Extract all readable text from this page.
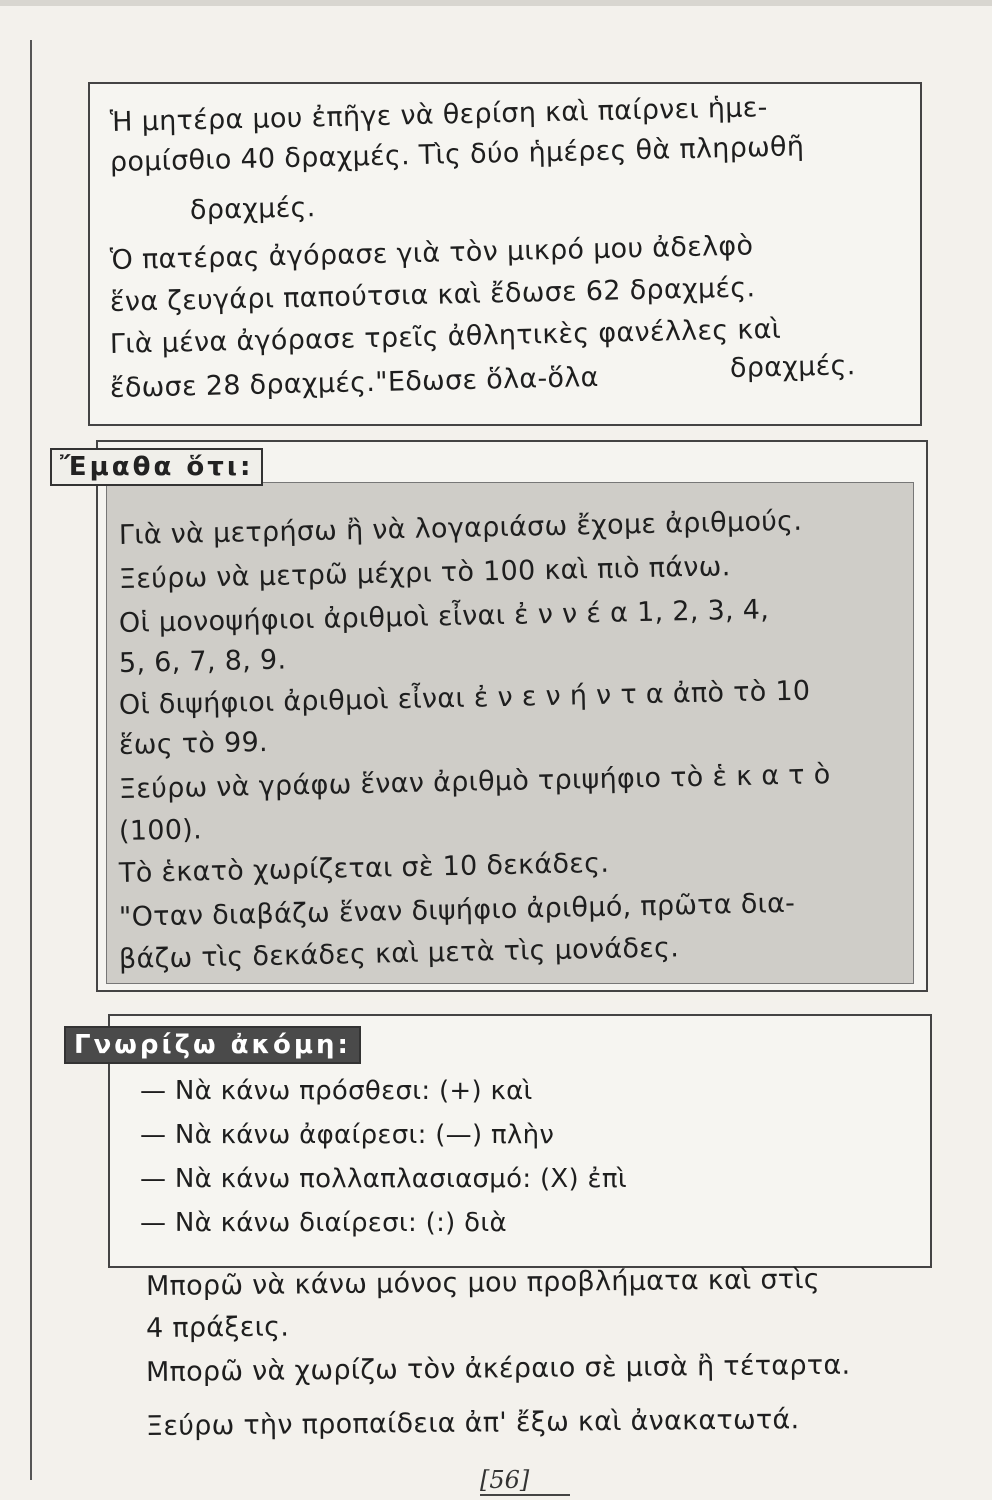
Ἡ μητέρα μου ἐπῆγε νὰ θερίση καὶ παίρνει ἡμε-
ρομίσθιο 40 δραχμές. Τὶς δύο ἡμέρες θὰ πληρωθῆ
δραχμές.
Ὁ πατέρας ἀγόρασε γιὰ τὸν μικρό μου ἀδελφὸ
ἕνα ζευγάρι παπούτσια καὶ ἔδωσε 62 δραχμές.
Γιὰ μένα ἀγόρασε τρεῖς ἀθλητικὲς φανέλλες καὶ
ἔδωσε 28 δραχμές."Εδωσε ὅλα-ὅλα	δραχμές.
Γιὰ νὰ μετρήσω ἢ νὰ λογαριάσω ἔχομε ἀριθμούς.
Ξεύρω νὰ μετρῶ μέχρι τὸ 100 καὶ πιὸ πάνω.
Οἱ μονοψήφιοι ἀριθμοὶ εἶναι ἐ ν ν έ α 1, 2, 3, 4,
5, 6, 7, 8, 9.
Οἱ διψήφιοι ἀριθμοὶ εἶναι ἐ ν ε ν ή ν τ α ἀπὸ τὸ 10
ἕως τὸ 99.
Ξεύρω νὰ γράφω ἕναν ἀριθμὸ τριψήφιο τὸ ἑ κ α τ ὸ
(100).
Τὸ ἑκατὸ χωρίζεται σὲ 10 δεκάδες.
"Οταν διαβάζω ἕναν διψήφιο ἀριθμό, πρῶτα δια-
βάζω τὶς δεκάδες καὶ μετὰ τὶς μονάδες.
Ἔμαθα ὅτι:
— Νὰ κάνω πρόσθεσι: (+) καὶ
— Νὰ κάνω ἀφαίρεσι: (—) πλὴν
— Νὰ κάνω πολλαπλασιασμό: (X) ἐπὶ
— Νὰ κάνω διαίρεσι: (:) διὰ
Γνωρίζω ἀκόμη:
Μπορῶ νὰ κάνω μόνος μου προβλήματα καὶ στὶς
4 πράξεις.
Μπορῶ νὰ χωρίζω τὸν ἀκέραιο σὲ μισὰ ἢ τέταρτα.
Ξεύρω τὴν προπαίδεια ἀπ' ἔξω καὶ ἀνακατωτά.
[56]
